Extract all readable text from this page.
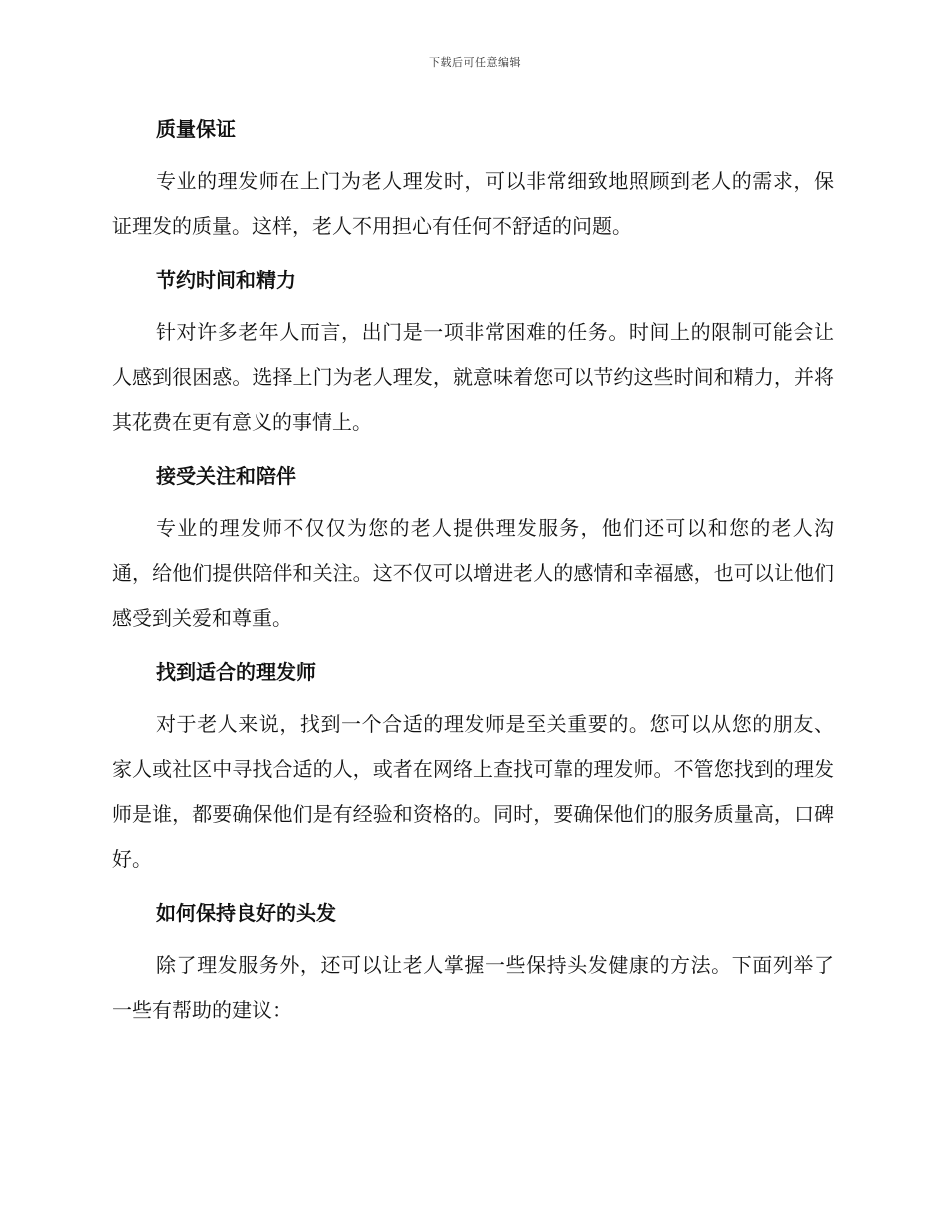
下载后可任意编辑
质量保证

专业的理发师在上门为老人理发时，可以非常细致地照顾到老人的需求，保证理发的质量。这样，老人不用担心有任何不舒适的问题。

节约时间和精力

针对许多老年人而言，出门是一项非常困难的任务。时间上的限制可能会让人感到很困惑。选择上门为老人理发，就意味着您可以节约这些时间和精力，并将其花费在更有意义的事情上。

接受关注和陪伴

专业的理发师不仅仅为您的老人提供理发服务，他们还可以和您的老人沟通，给他们提供陪伴和关注。这不仅可以增进老人的感情和幸福感，也可以让他们感受到关爱和尊重。

找到适合的理发师

对于老人来说，找到一个合适的理发师是至关重要的。您可以从您的朋友、家人或社区中寻找合适的人，或者在网络上查找可靠的理发师。不管您找到的理发师是谁，都要确保他们是有经验和资格的。同时，要确保他们的服务质量高，口碑好。

如何保持良好的头发

除了理发服务外，还可以让老人掌握一些保持头发健康的方法。下面列举了一些有帮助的建议：
